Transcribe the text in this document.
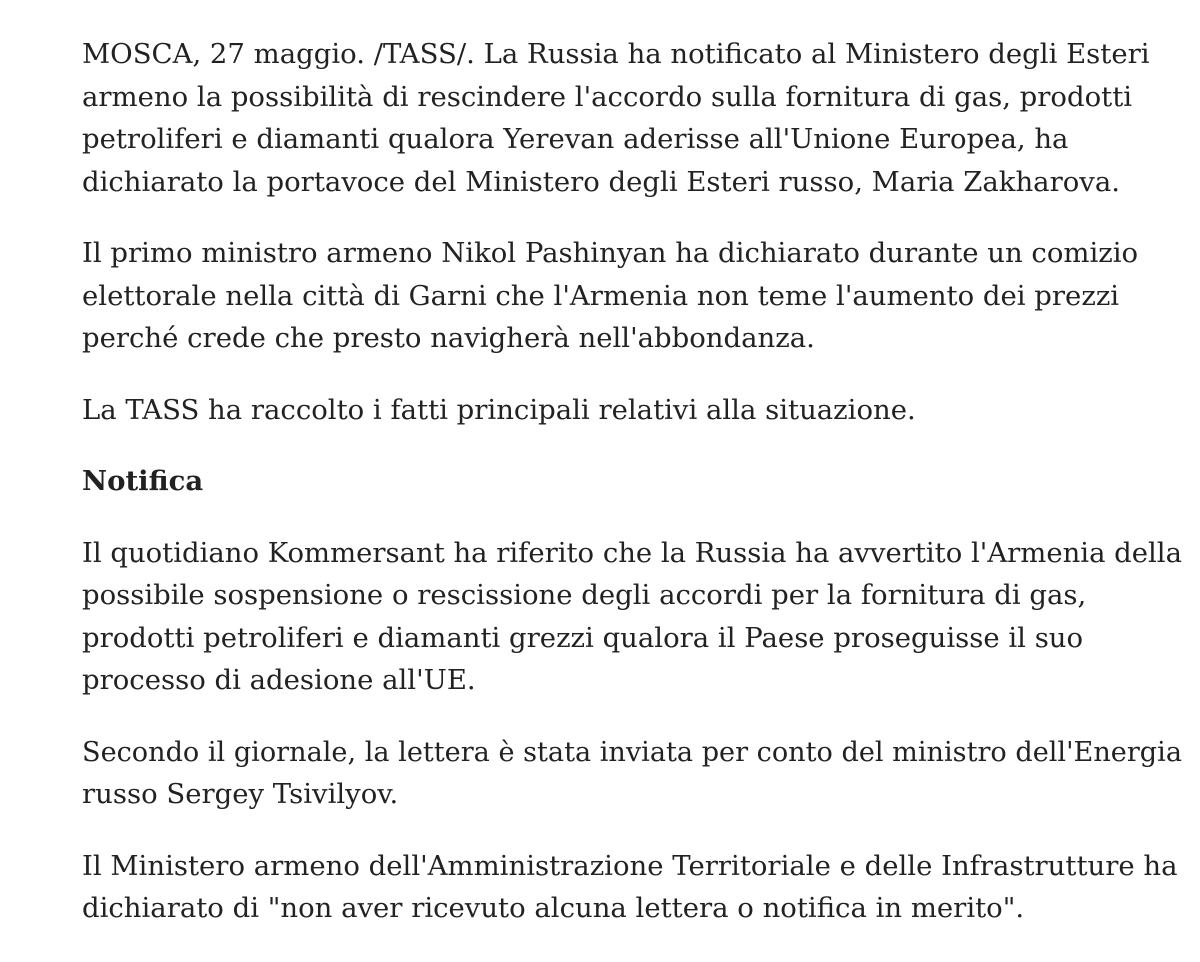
MOSCA, 27 maggio. /TASS/. La Russia ha notificato al Ministero degli Esteri
armeno la possibilità di rescindere l'accordo sulla fornitura di gas, prodotti
petroliferi e diamanti qualora Yerevan aderisse all'Unione Europea, ha
dichiarato la portavoce del Ministero degli Esteri russo, Maria Zakharova.

Il primo ministro armeno Nikol Pashinyan ha dichiarato durante un comizio
elettorale nella città di Garni che l'Armenia non teme l'aumento dei prezzi
perché crede che presto navigherà nell'abbondanza.

La TASS ha raccolto i fatti principali relativi alla situazione.

Notifica

Il quotidiano Kommersant ha riferito che la Russia ha avvertito l'Armenia della
possibile sospensione o rescissione degli accordi per la fornitura di gas,
prodotti petroliferi e diamanti grezzi qualora il Paese proseguisse il suo
processo di adesione all'UE.

Secondo il giornale, la lettera è stata inviata per conto del ministro dell'Energia
russo Sergey Tsivilyov.

Il Ministero armeno dell'Amministrazione Territoriale e delle Infrastrutture ha
dichiarato di "non aver ricevuto alcuna lettera o notifica in merito".
